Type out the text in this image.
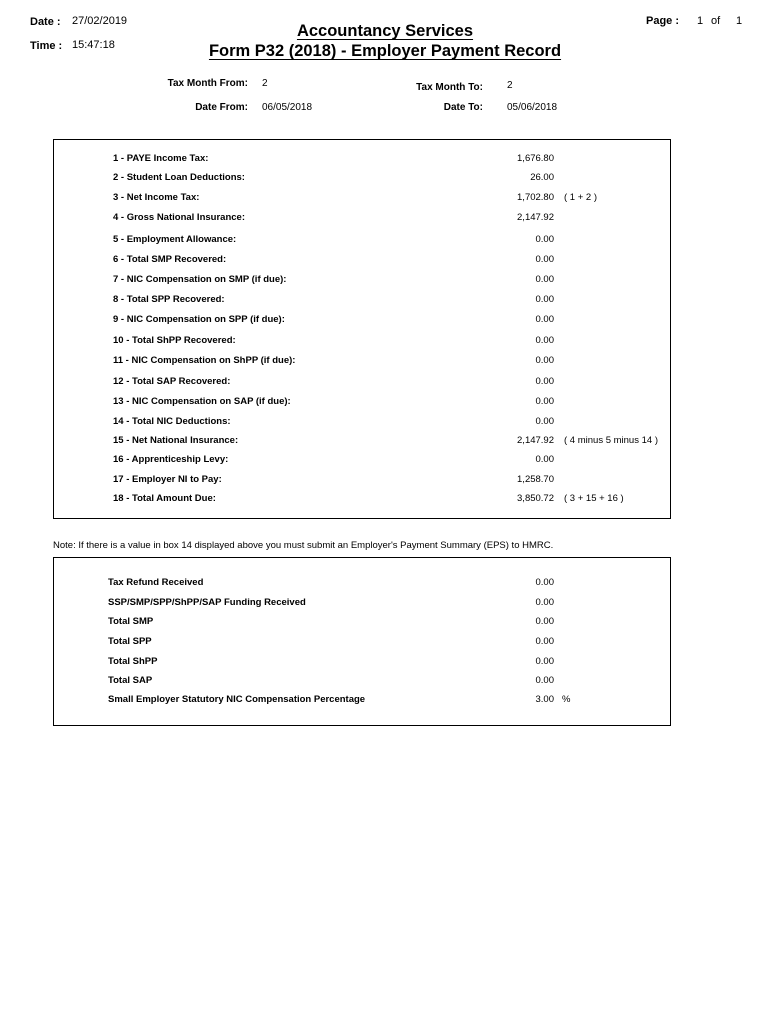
Date : 27/02/2019
Time : 15:47:18
Page : 1 of 1
Accountancy Services
Form P32 (2018) - Employer Payment Record
Tax Month From: 2	Tax Month To: 2
Date From: 06/05/2018	Date To: 05/06/2018
1 - PAYE Income Tax:	1,676.80
2 - Student Loan Deductions:	26.00
3 - Net Income Tax:	1,702.80 ( 1 + 2 )
4 - Gross National Insurance:	2,147.92
5 - Employment Allowance:	0.00
6 - Total SMP Recovered:	0.00
7 - NIC Compensation on SMP (if due):	0.00
8 - Total SPP Recovered:	0.00
9 - NIC Compensation on SPP (if due):	0.00
10 - Total ShPP Recovered:	0.00
11 - NIC Compensation on ShPP (if due):	0.00
12 - Total SAP Recovered:	0.00
13 - NIC Compensation on SAP (if due):	0.00
14 - Total NIC Deductions:	0.00
15 - Net National Insurance:	2,147.92 ( 4 minus 5 minus 14 )
16 - Apprenticeship Levy:	0.00
17 - Employer NI to Pay:	1,258.70
18 - Total Amount Due:	3,850.72 ( 3 + 15 + 16 )
Note: If there is a value in box 14 displayed above you must submit an Employer's Payment Summary (EPS) to HMRC.
Tax Refund Received	0.00
SSP/SMP/SPP/ShPP/SAP Funding Received	0.00
Total SMP	0.00
Total SPP	0.00
Total ShPP	0.00
Total SAP	0.00
Small Employer Statutory NIC Compensation Percentage	3.00 %
